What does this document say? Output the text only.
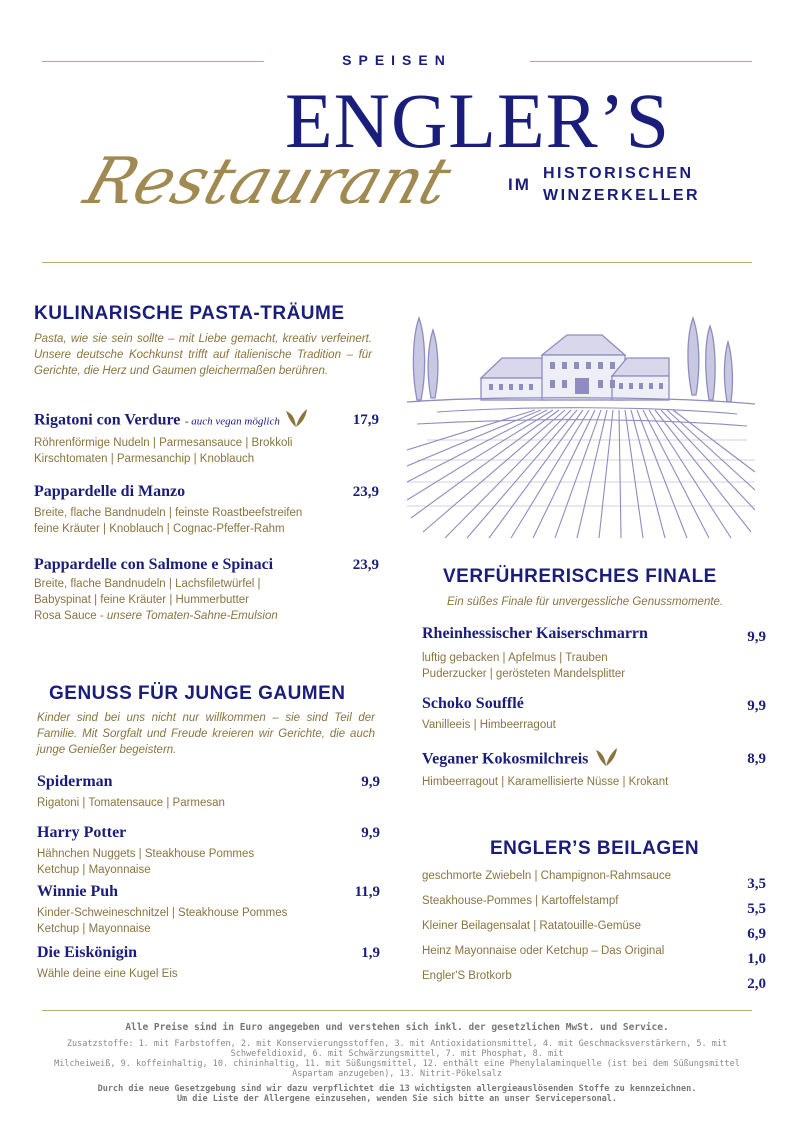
SPEISEN
ENGLER’S
Restaurant	IM
HISTORISCHEN
WINZERKELLER
KULINARISCHE PASTA-TRÄUME
Pasta, wie sie sein sollte – mit Liebe gemacht, kreativ verfeinert. Unsere deutsche Kochkunst trifft auf italienische Tradition – für Gerichte, die Herz und Gaumen gleichermaßen berühren.
Rigatoni con Verdure - auch vegan möglich	17,9
Röhrenförmige Nudeln | Parmesansauce | Brokkoli
Kirschtomaten | Parmesanchip | Knoblauch
Pappardelle di Manzo	23,9
Breite, flache Bandnudeln | feinste Roastbeefstreifen
feine Kräuter | Knoblauch | Cognac-Pfeffer-Rahm
Pappardelle con Salmone e Spinaci	23,9
Breite, flache Bandnudeln | Lachsfiletwürfel |
Babyspinat | feine Kräuter | Hummerbutter
Rosa Sauce - unsere Tomaten-Sahne-Emulsion
GENUSS FÜR JUNGE GAUMEN
Kinder sind bei uns nicht nur willkommen – sie sind Teil der Familie. Mit Sorgfalt und Freude kreieren wir Gerichte, die auch junge Genießer begeistern.
Spiderman	9,9
Rigatoni | Tomatensauce | Parmesan
Harry Potter	9,9
Hähnchen Nuggets | Steakhouse Pommes
Ketchup | Mayonnaise
Winnie Puh	11,9
Kinder-Schweineschnitzel | Steakhouse Pommes
Ketchup | Mayonnaise
Die Eiskönigin	1,9
Wähle deine eine Kugel Eis
VERFÜHRERISCHES FINALE
Ein süßes Finale für unvergessliche Genussmomente.
Rheinhessischer Kaiserschmarrn	9,9
luftig gebacken | Apfelmus | Trauben
Puderzucker | gerösteten Mandelsplitter
Schoko Soufflé	9,9
Vanilleeis | Himbeerragout
Veganer Kokosmilchreis	8,9
Himbeerragout | Karamellisierte Nüsse | Krokant
ENGLER’S BEILAGEN
geschmorte Zwiebeln | Champignon-Rahmsauce	3,5
Steakhouse-Pommes | Kartoffelstampf	5,5
Kleiner Beilagensalat | Ratatouille-Gemüse	6,9
Heinz Mayonnaise oder Ketchup – Das Original	1,0
Engler'S Brotkorb	2,0
Alle Preise sind in Euro angegeben und verstehen sich inkl. der gesetzlichen MwSt. und Service.
Zusatzstoffe: 1. mit Farbstoffen, 2. mit Konservierungsstoffen, 3. mit Antioxidationsmittel, 4. mit Geschmacksverstärkern, 5. mit
Schwefeldioxid, 6. mit Schwärzungsmittel, 7. mit Phosphat, 8. mit
Milcheiweiß, 9. koffeinhaltig, 10. chininhaltig, 11. mit Süßungsmittel, 12. enthält eine Phenylalaminquelle (ist bei dem Süßungsmittel
Aspartam anzugeben), 13. Nitrit-Pökelsalz
Durch die neue Gesetzgebung sind wir dazu verpflichtet die 13 wichtigsten allergieauslösenden Stoffe zu kennzeichnen.
Um die Liste der Allergene einzusehen, wenden Sie sich bitte an unser Servicepersonal.
